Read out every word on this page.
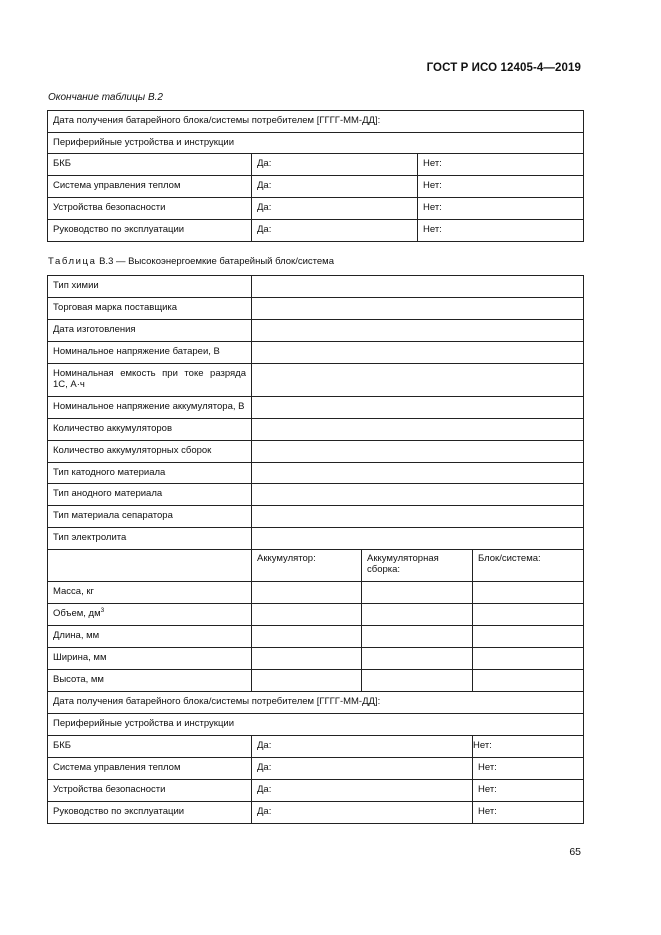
ГОСТ Р ИСО 12405-4—2019
Окончание таблицы B.2
Дата получения батарейного блока/системы потребителем [ГГГГ-ММ-ДД]:		
Периферийные устройства и инструкции		
БКБ	Да:	Нет:
Система управления теплом	Да:	Нет:
Устройства безопасности	Да:	Нет:
Руководство по эксплуатации	Да:	Нет:
Таблица B.3 — Высокоэнергоемкие батарейный блок/система
Тип химии			
Торговая марка поставщика			
Дата изготовления			
Номинальное напряжение батареи, В			
Номинальная емкость при токе разряда 1С, А·ч			
Номинальное напряжение аккумулятора, В			
Количество аккумуляторов			
Количество аккумуляторных сборок			
Тип катодного материала			
Тип анодного материала			
Тип материала сепаратора			
Тип электролита			
	Аккумулятор:	Аккумуляторная сборка:	Блок/система:
Масса, кг			
Объем, $дм^3$			
Длина, мм			
Ширина, мм			
Высота, мм			
Дата получения батарейного блока/системы потребителем [ГГГГ-ММ-ДД]:			
Периферийные устройства и инструкции			
БКБ	Да:		Нет:
Система управления теплом	Да:		Нет:
Устройства безопасности	Да:		Нет:
Руководство по эксплуатации	Да:		Нет:
65
